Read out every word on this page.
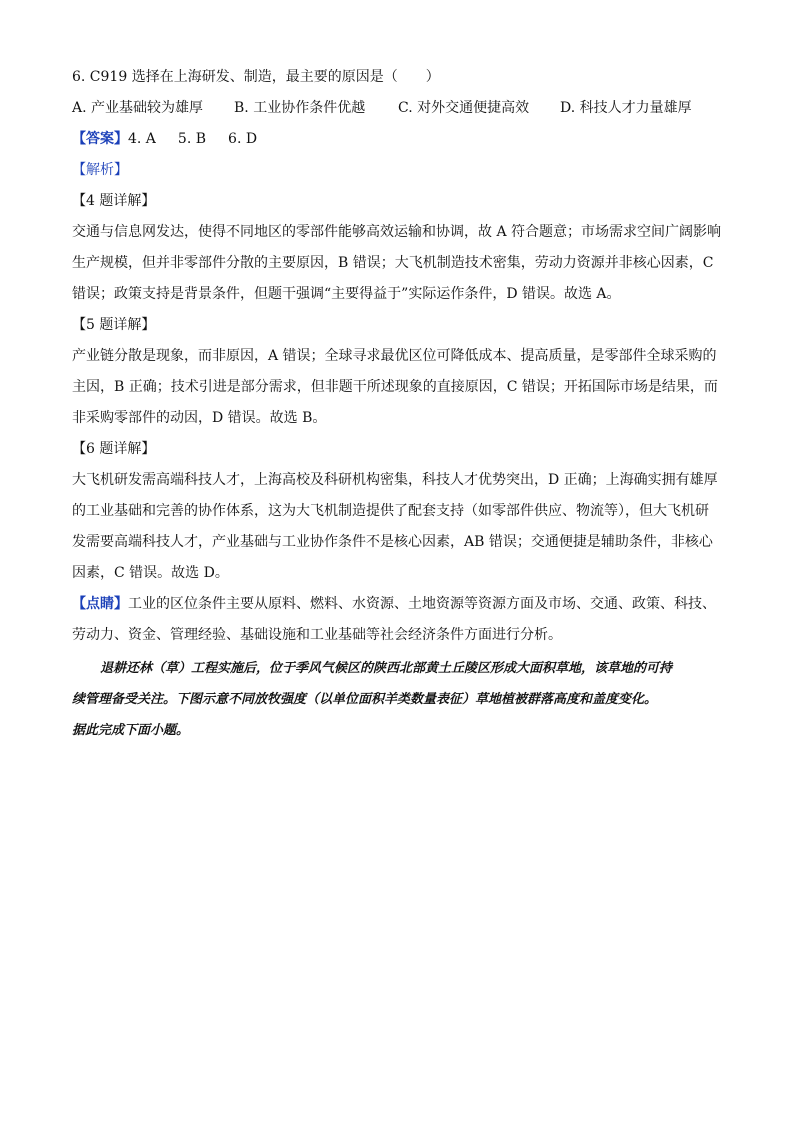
6. C919 选择在上海研发、制造，最主要的原因是（　　）
A. 产业基础较为雄厚	B. 工业协作条件优越	C. 对外交通便捷高效	D. 科技人才力量雄厚
【答案】4. A 5. B 6. D
【解析】
【4 题详解】
交通与信息网发达，使得不同地区的零部件能够高效运输和协调，故 A 符合题意；市场需求空间广阔影响
生产规模，但并非零部件分散的主要原因，B 错误；大飞机制造技术密集，劳动力资源并非核心因素，C
错误；政策支持是背景条件，但题干强调“主要得益于”实际运作条件，D 错误。故选 A。
【5 题详解】
产业链分散是现象，而非原因，A 错误；全球寻求最优区位可降低成本、提高质量，是零部件全球采购的
主因，B 正确；技术引进是部分需求，但非题干所述现象的直接原因，C 错误；开拓国际市场是结果，而
非采购零部件的动因，D 错误。故选 B。
【6 题详解】
大飞机研发需高端科技人才，上海高校及科研机构密集，科技人才优势突出，D 正确；上海确实拥有雄厚
的工业基础和完善的协作体系，这为大飞机制造提供了配套支持（如零部件供应、物流等），但大飞机研
发需要高端科技人才，产业基础与工业协作条件不是核心因素，AB 错误；交通便捷是辅助条件，非核心
因素，C 错误。故选 D。
【点睛】工业的区位条件主要从原料、燃料、水资源、土地资源等资源方面及市场、交通、政策、科技、
劳动力、资金、管理经验、基础设施和工业基础等社会经济条件方面进行分析。
退耕还林（草）工程实施后，位于季风气候区的陕西北部黄土丘陵区形成大面积草地，该草地的可持
续管理备受关注。下图示意不同放牧强度（以单位面积羊类数量表征）草地植被群落高度和盖度变化。
据此完成下面小题。
